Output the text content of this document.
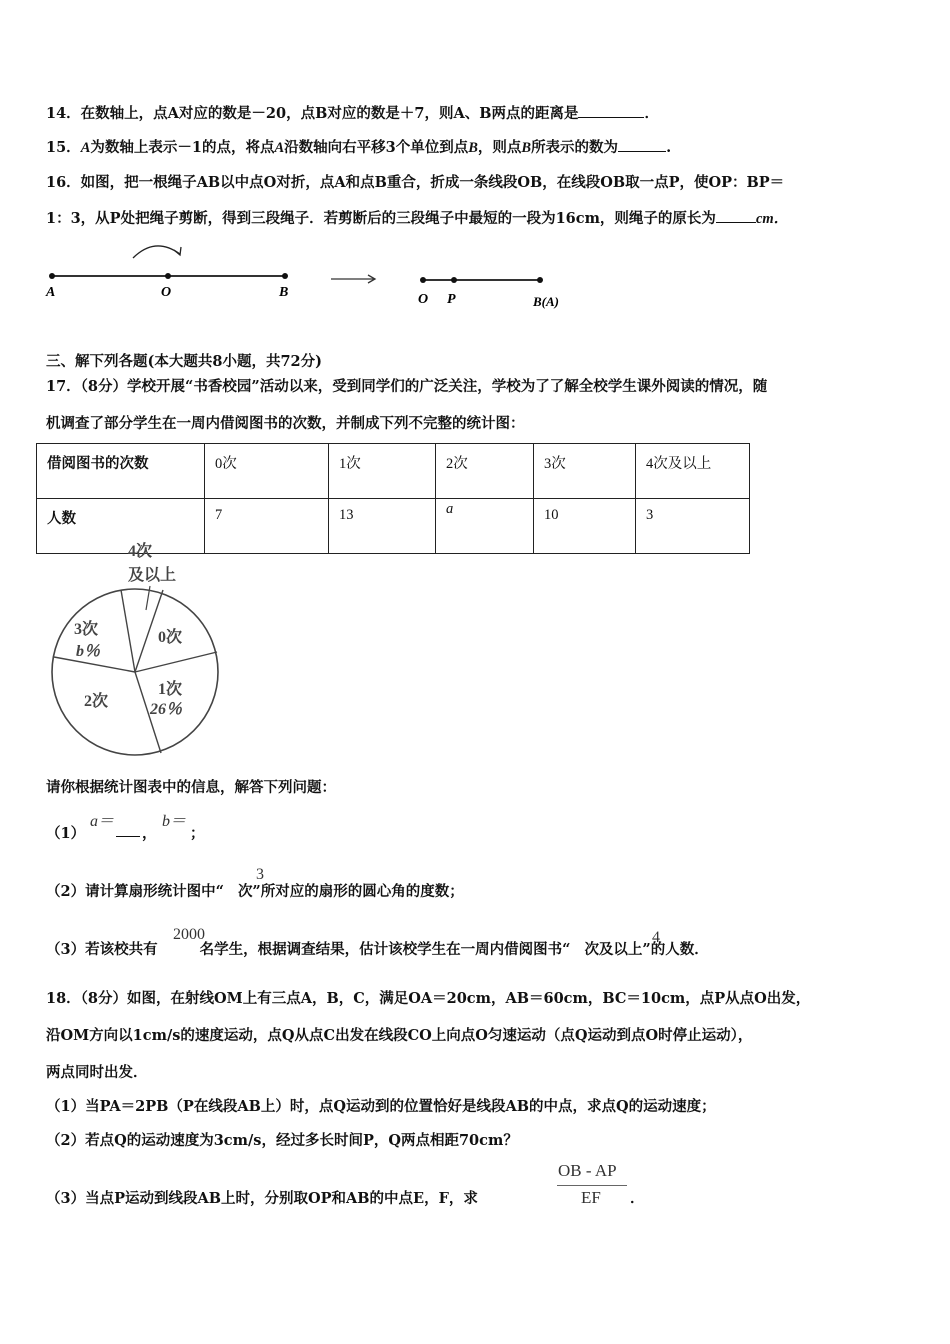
14．在数轴上，点A对应的数是－20，点B对应的数是＋7，则A、B两点的距离是	．
15．A为数轴上表示－1的点，将点A沿数轴向右平移3个单位到点B，则点B所表示的数为	.
16．如图，把一根绳子AB以中点O对折，点A和点B重合，折成一条线段OB，在线段OB取一点P，使OP：BP＝
1：3，从P处把绳子剪断，得到三段绳子．若剪断后的三段绳子中最短的一段为16cm，则绳子的原长为	cm．
A	O	B	O P	B(A)
三、解下列各题(本大题共8小题，共72分)
17．（8分）学校开展“书香校园”活动以来，受到同学们的广泛关注，学校为了了解全校学生课外阅读的情况，随
机调查了部分学生在一周内借阅图书的次数，并制成下列不完整的统计图：
借阅图书的次数	0次	1次	2次	3次	4次及以上
人数	7	13	a	10	3
4次
及以上
0次
1次
26％
2次
3次
b％
请你根据统计图表中的信息，解答下列问题：
（1）
a＝
，
b＝
；
（2）请计算扇形统计图中“ 次”所对应的扇形的圆心角的度数；
3
（3）若该校共有	名学生，根据调查结果，估计该校学生在一周内借阅图书“ 次及以上”的人数．
2000	4
18．（8分）如图，在射线OM上有三点A，B，C，满足OA＝20cm，AB＝60cm，BC＝10cm，点P从点O出发，
沿OM方向以1cm/s的速度运动，点Q从点C出发在线段CO上向点O匀速运动（点Q运动到点O时停止运动），
两点同时出发．
（1）当PA＝2PB（P在线段AB上）时，点Q运动到的位置恰好是线段AB的中点，求点Q的运动速度；
（2）若点Q的运动速度为3cm/s，经过多长时间P，Q两点相距70cm？
（3）当点P运动到线段AB上时，分别取OP和AB的中点E，F，求
OB - AP
EF ．
